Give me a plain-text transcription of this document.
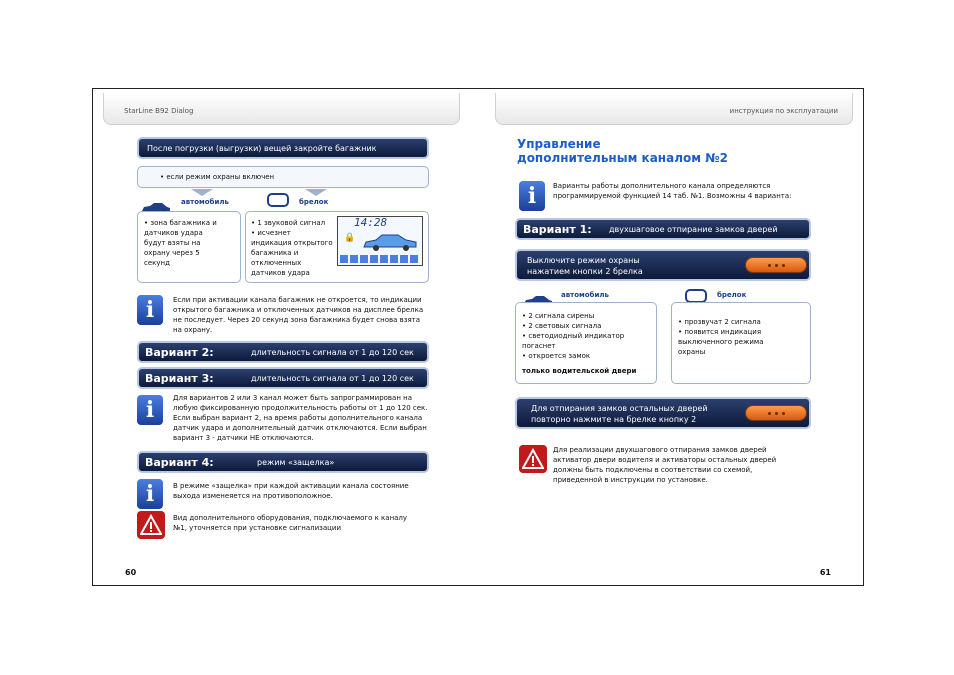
StarLine B92 Dialog
После погрузки (выгрузки) вещей закройте багажник
• если режим охраны включен
автомобиль	брелок
• зона багажника и датчиков удара будут взяты на охрану через 5 секунд
• 1 звуковой сигнал
• исчезнет индикация открытого багажника и отключенных датчиков удара
14:28
🔒
i	Если при активации канала багажник не откроется, то индикации открытого багажника и отключенных датчиков на дисплее брелка не последует. Через 20 секунд зона багажника будет снова взята на охрану.
Вариант 2:	длительность сигнала от 1 до 120 сек
Вариант 3:	длительность сигнала от 1 до 120 сек
i	Для вариантов 2 или 3 канал может быть запрограммирован на любую фиксированную продолжительность работы от 1 до 120 сек. Если выбран вариант 2, на время работы дополнительного канала датчик удара и дополнительный датчик отключаются. Если выбран вариант 3 - датчики НЕ отключаются.
Вариант 4:	режим «защелка»
i	В режиме «защелка» при каждой активации канала состояние выхода изменеяется на противоположное.
Вид дополнительного оборудования, подключаемого к каналу №1, уточняется при установке сигнализации
60
инструкция по эксплуатации
Управление
дополнительным каналом №2
i	Варианты работы дополнительного канала определяются программируемой функцией 14 таб. №1. Возможны 4 варианта:
Вариант 1: двухшаговое отпирание замков дверей
Выключите режим охраны
нажатием кнопки 2 брелка
автомобиль	брелок
• 2 сигнала сирены
• 2 световых сигнала
• светодиодный индикатор погаснет
• откроется замок
только водительской двери
• прозвучат 2 сигнала
• появится индикация выключенного режима охраны
Для отпирания замков остальных дверей
повторно нажмите на брелке кнопку 2
Для реализации двухшагового отпирания замков дверей активатор двери водителя и активаторы остальных дверей должны быть подключены в соответствии со схемой, приведенной в инструкции по установке.
61
